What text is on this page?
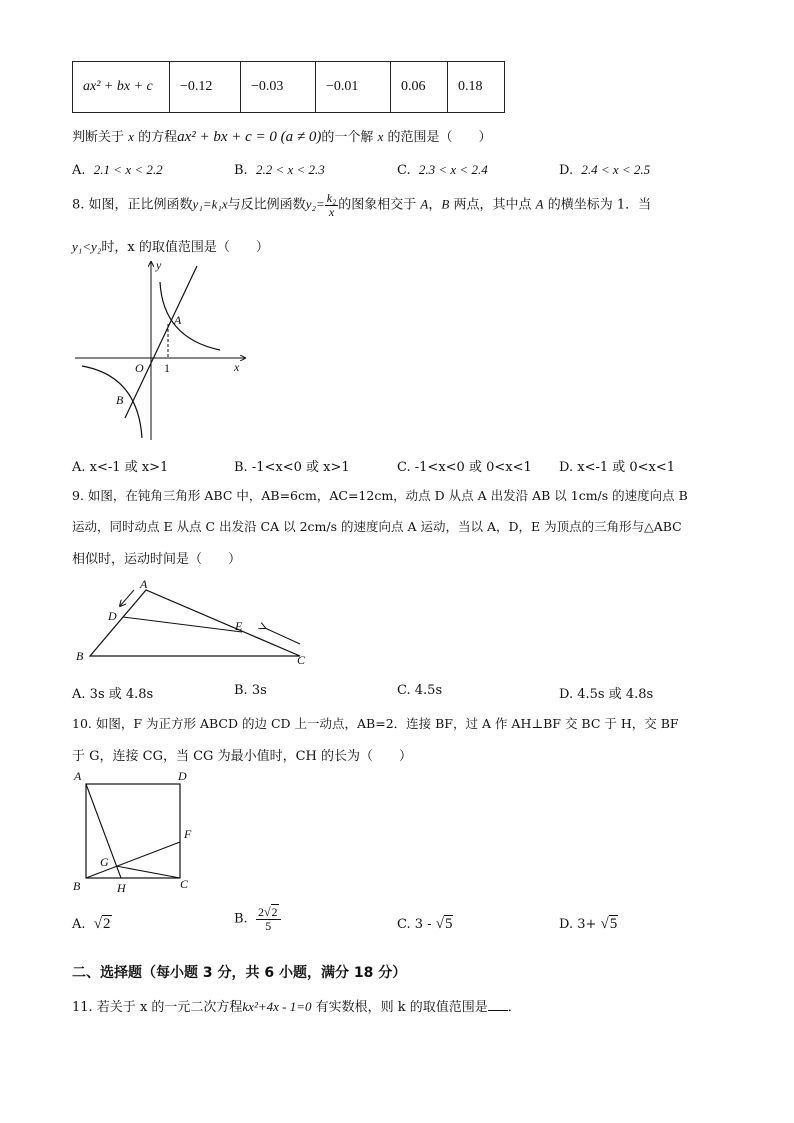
ax² + bx + c	−0.12	−0.03	−0.01	0.06	0.18
判断关于 x 的方程ax² + bx + c = 0 (a ≠ 0)的一个解 x 的范围是（　　）
A. 2.1 < x < 2.2	B. 2.2 < x < 2.3	C. 2.3 < x < 2.4	D. 2.4 < x < 2.5
8. 如图，正比例函数y₁=k₁x与反比例函数$y_2= \frac{\text{k₂}}{x}$ 的图象相交于 A，B 两点，其中点 A 的横坐标为 1．当
y₁<y₂时，x 的取值范围是（　　）
y
x
A
B
O 1
A. x<-1 或 x>1	B. -1<x<0 或 x>1	C. -1<x<0 或 0<x<1 D. x<-1 或 0<x<1
9. 如图，在钝角三角形 ABC 中，AB=6cm，AC=12cm，动点 D 从点 A 出发沿 AB 以 1cm/s 的速度向点 B
运动，同时动点 E 从点 C 出发沿 CA 以 2cm/s 的速度向点 A 运动，当以 A，D，E 为顶点的三角形与△ABC
相似时，运动时间是（　　）
A
B	C
D
E
A. 3s 或 4.8s	B. 3s	C. 4.5s	D. 4.5s 或 4.8s
10. 如图，F 为正方形 ABCD 的边 CD 上一动点，AB=2．连接 BF，过 A 作 AH⊥BF 交 BC 于 H，交 BF
于 G，连接 CG，当 CG 为最小值时，CH 的长为（　　）
A	D
B	C
F
G
H
A. √2	B. $\frac{2√2}{5}$	C. 3 - √5	D. 3+ √5
二、选择题（每小题 3 分，共 6 小题，满分 18 分）
11. 若关于 x 的一元二次方程kx²+4x - 1=0 有实数根，则 k 的取值范围是 ．
